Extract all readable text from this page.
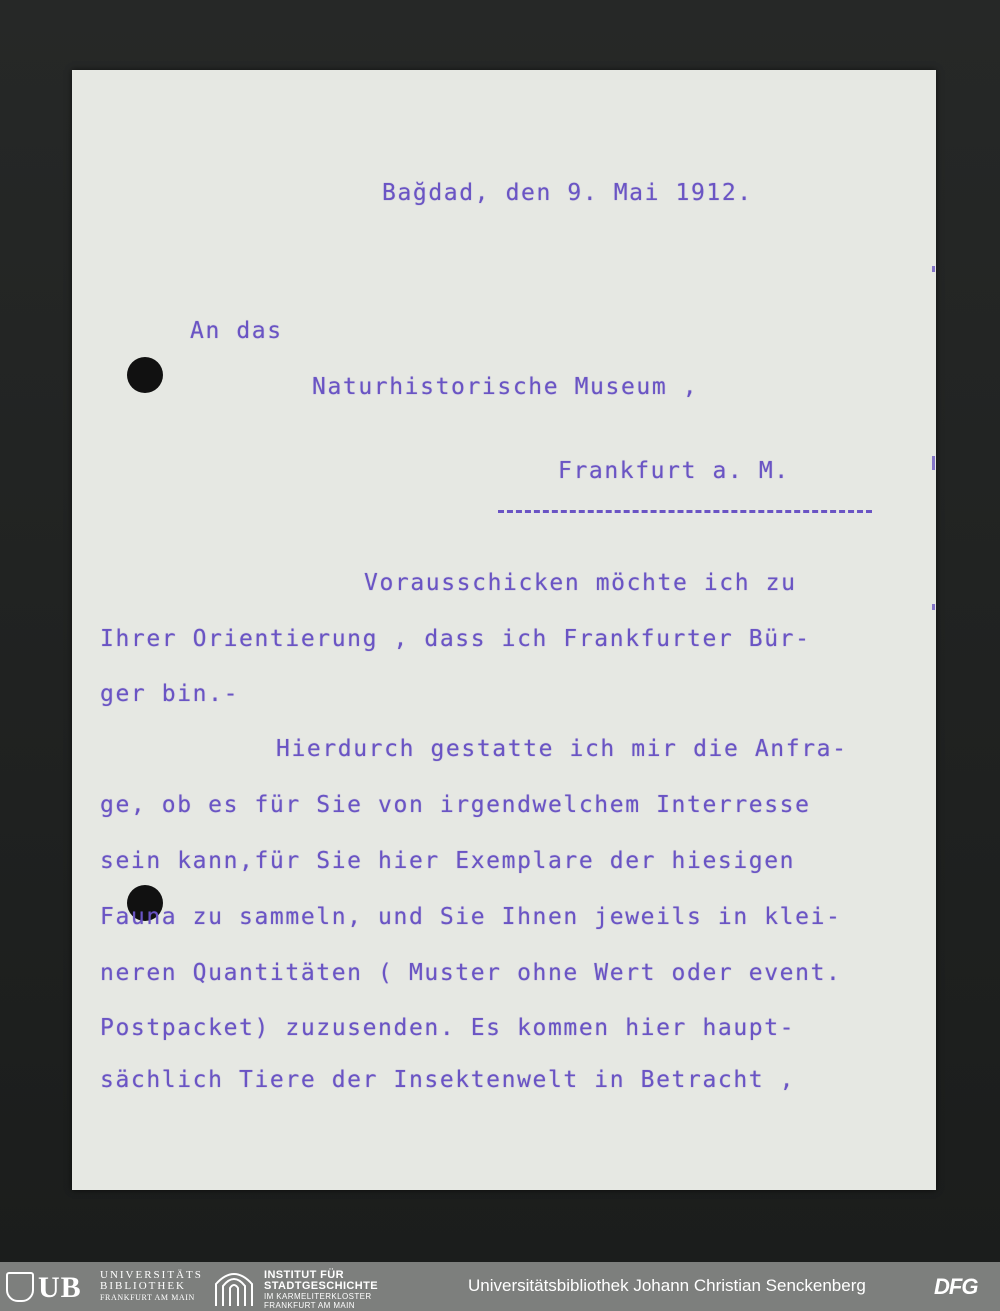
Bağdad, den 9. Mai 1912.
An das
Naturhistorische Museum ,
Frankfurt a. M.
Vorausschicken möchte ich zu
Ihrer Orientierung , dass ich Frankfurter Bür-
ger bin.-
Hierdurch gestatte ich mir die Anfra-
ge, ob es für Sie von irgendwelchem Interresse
sein kann,für Sie hier Exemplare der hiesigen
Fauna zu sammeln, und Sie Ihnen jeweils in klei-
neren Quantitäten ( Muster ohne Wert oder event.
Postpacket) zuzusenden. Es kommen hier haupt-
sächlich Tiere der Insektenwelt in Betracht ,
UB	UNIVERSITÄTS
BIBLIOTHEK
FRANKFURT AM MAIN
INSTITUT FÜR
STADTGESCHICHTE
IM KARMELITERKLOSTER
FRANKFURT AM MAIN
Universitätsbibliothek Johann Christian Senckenberg	DFG
